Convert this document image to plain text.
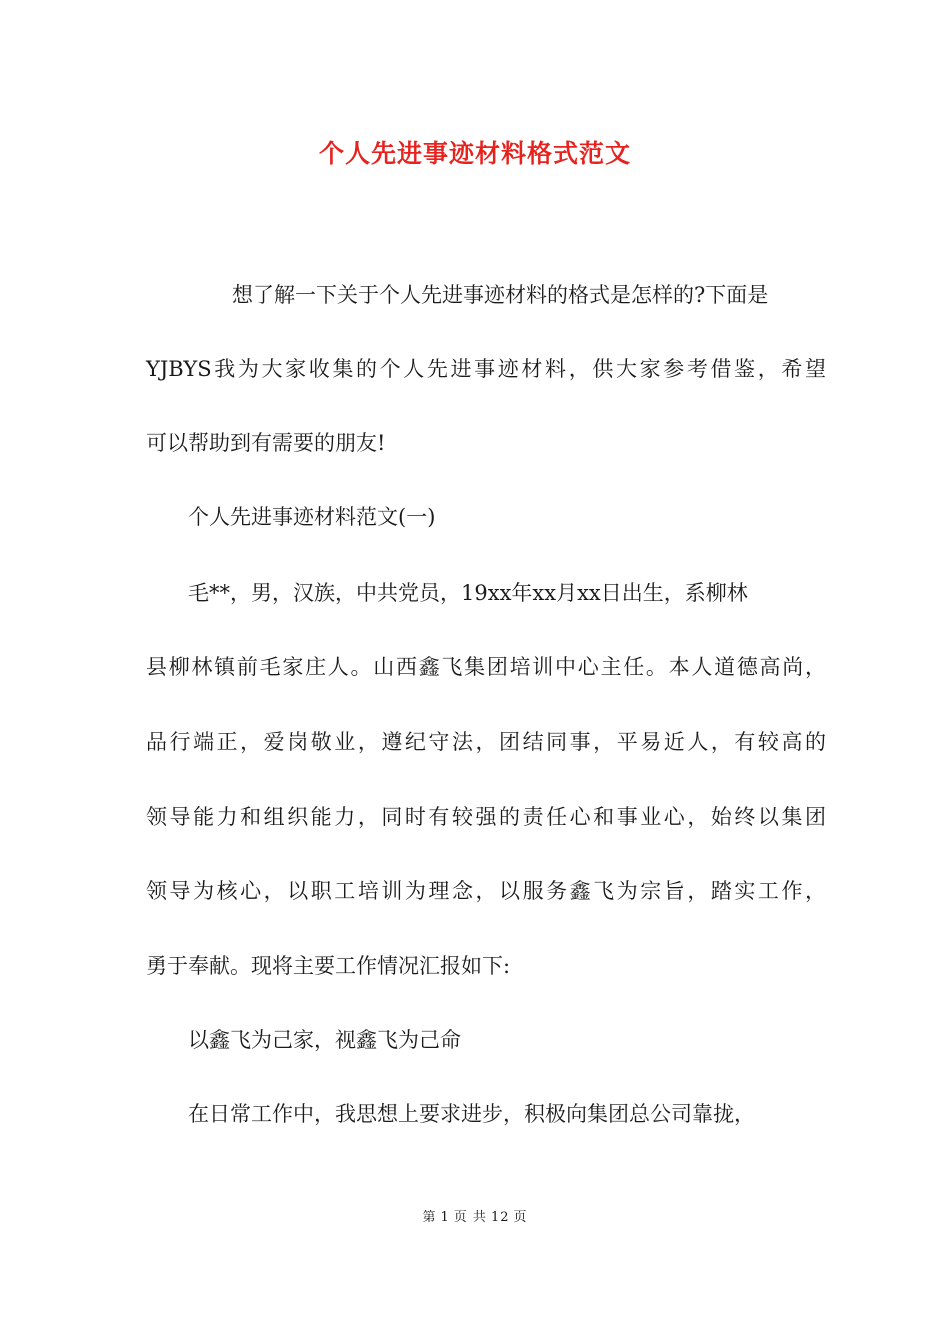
个人先进事迹材料格式范文
想了解一下关于个人先进事迹材料的格式是怎样的?下面是
YJBYS我为大家收集的个人先进事迹材料，供大家参考借鉴，希望
可以帮助到有需要的朋友!
个人先进事迹材料范文(一)
毛**，男，汉族，中共党员，19xx年xx月xx日出生，系柳林
县柳林镇前毛家庄人。山西鑫飞集团培训中心主任。本人道德高尚，
品行端正，爱岗敬业，遵纪守法，团结同事，平易近人，有较高的
领导能力和组织能力，同时有较强的责任心和事业心，始终以集团
领导为核心，以职工培训为理念，以服务鑫飞为宗旨，踏实工作，
勇于奉献。现将主要工作情况汇报如下:
以鑫飞为己家，视鑫飞为己命
在日常工作中，我思想上要求进步，积极向集团总公司靠拢，
第 1 页 共 12 页
